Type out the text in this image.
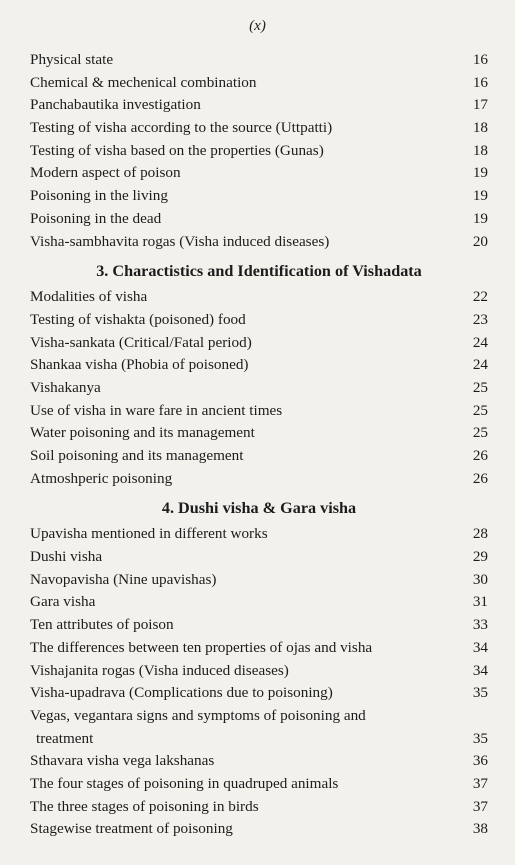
(x)
Physical state	16
Chemical & mechenical combination	16
Panchabautika investigation	17
Testing of visha according to the source (Uttpatti)	18
Testing of visha based on the properties (Gunas)	18
Modern aspect of poison	19
Poisoning in the living	19
Poisoning in the dead	19
Visha-sambhavita rogas (Visha induced diseases)	20
3. Charactistics and Identification of Vishadata
Modalities of visha	22
Testing of vishakta (poisoned) food	23
Visha-sankata (Critical/Fatal period)	24
Shankaa visha (Phobia of poisoned)	24
Vishakanya	25
Use of visha in ware fare in ancient times	25
Water poisoning and its management	25
Soil poisoning and its management	26
Atmoshperic poisoning	26
4. Dushi visha & Gara visha
Upavisha mentioned in different works	28
Dushi visha	29
Navopavisha (Nine upavishas)	30
Gara visha	31
Ten attributes of poison	33
The differences between ten properties of ojas and visha	34
Vishajanita rogas (Visha induced diseases)	34
Visha-upadrava (Complications due to poisoning)	35
Vegas, vegantara signs and symptoms of poisoning and
treatment	35
Sthavara visha vega lakshanas	36
The four stages of poisoning in quadruped animals	37
The three stages of poisoning in birds	37
Stagewise treatment of poisoning	38
